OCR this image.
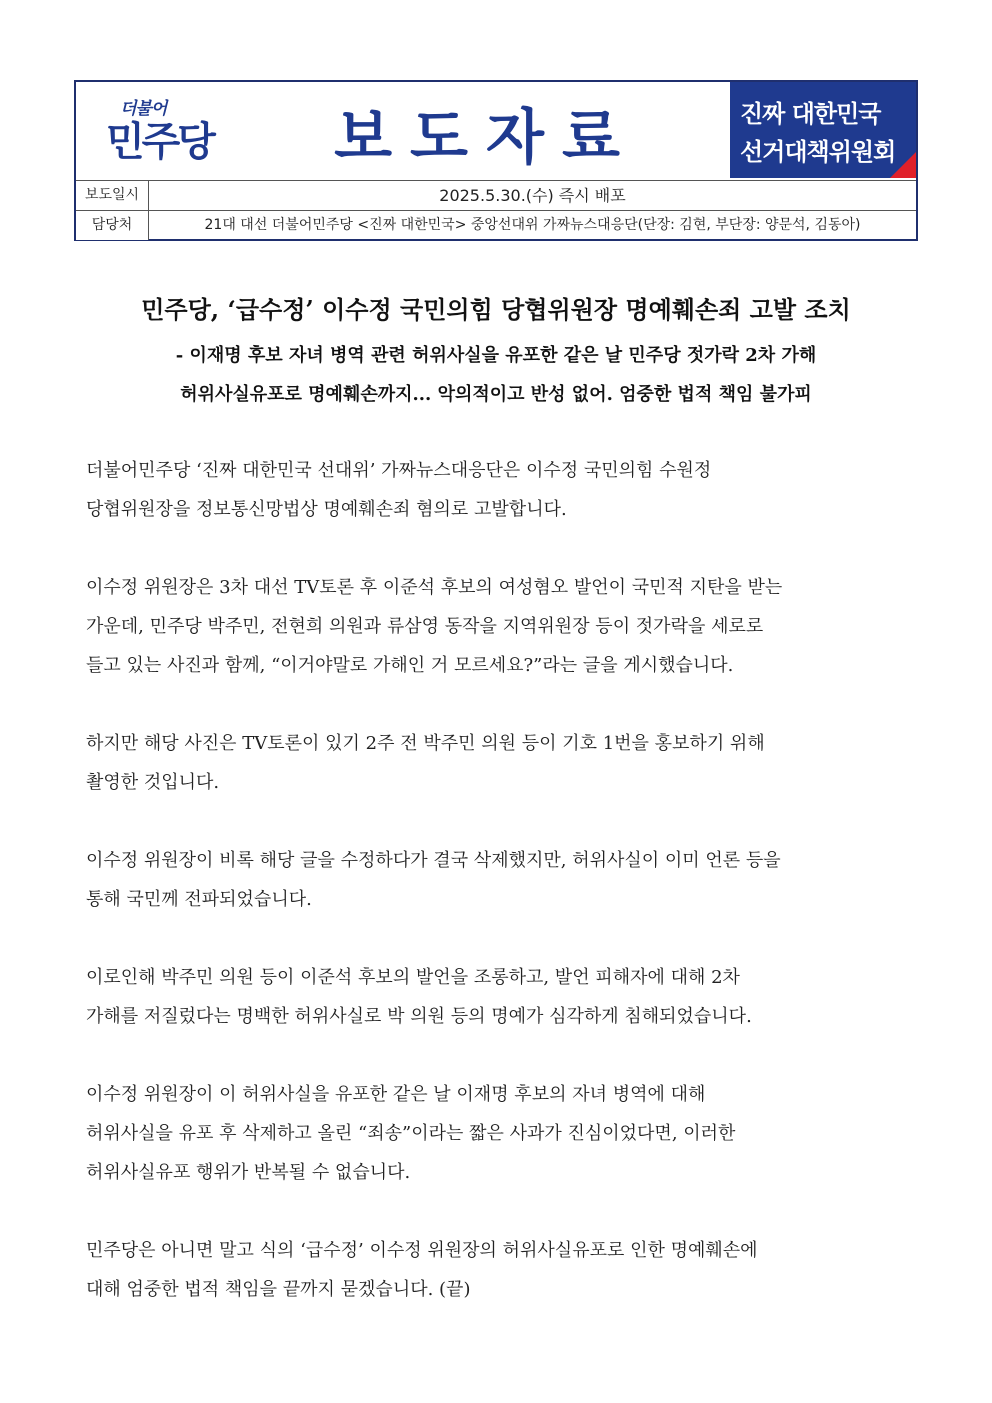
더불어
민주당	보도자료	진짜 대한민국
선거대책위원회
보도일시	2025.5.30.(수) 즉시 배포
담당처	21대 대선 더불어민주당 <진짜 대한민국> 중앙선대위 가짜뉴스대응단(단장: 김현, 부단장: 양문석, 김동아)
민주당, ‘급수정’ 이수정 국민의힘 당협위원장 명예훼손죄 고발 조치
- 이재명 후보 자녀 병역 관련 허위사실을 유포한 같은 날 민주당 젓가락 2차 가해
허위사실유포로 명예훼손까지... 악의적이고 반성 없어. 엄중한 법적 책임 불가피
더불어민주당 ‘진짜 대한민국 선대위’ 가짜뉴스대응단은 이수정 국민의힘 수원정
당협위원장을 정보통신망법상 명예훼손죄 혐의로 고발합니다.
이수정 위원장은 3차 대선 TV토론 후 이준석 후보의 여성혐오 발언이 국민적 지탄을 받는
가운데, 민주당 박주민, 전현희 의원과 류삼영 동작을 지역위원장 등이 젓가락을 세로로
들고 있는 사진과 함께, “이거야말로 가해인 거 모르세요?”라는 글을 게시했습니다.
하지만 해당 사진은 TV토론이 있기 2주 전 박주민 의원 등이 기호 1번을 홍보하기 위해
촬영한 것입니다.
이수정 위원장이 비록 해당 글을 수정하다가 결국 삭제했지만, 허위사실이 이미 언론 등을
통해 국민께 전파되었습니다.
이로인해 박주민 의원 등이 이준석 후보의 발언을 조롱하고, 발언 피해자에 대해 2차
가해를 저질렀다는 명백한 허위사실로 박 의원 등의 명예가 심각하게 침해되었습니다.
이수정 위원장이 이 허위사실을 유포한 같은 날 이재명 후보의 자녀 병역에 대해
허위사실을 유포 후 삭제하고 올린 “죄송”이라는 짧은 사과가 진심이었다면, 이러한
허위사실유포 행위가 반복될 수 없습니다.
민주당은 아니면 말고 식의 ‘급수정’ 이수정 위원장의 허위사실유포로 인한 명예훼손에
대해 엄중한 법적 책임을 끝까지 묻겠습니다. (끝)
